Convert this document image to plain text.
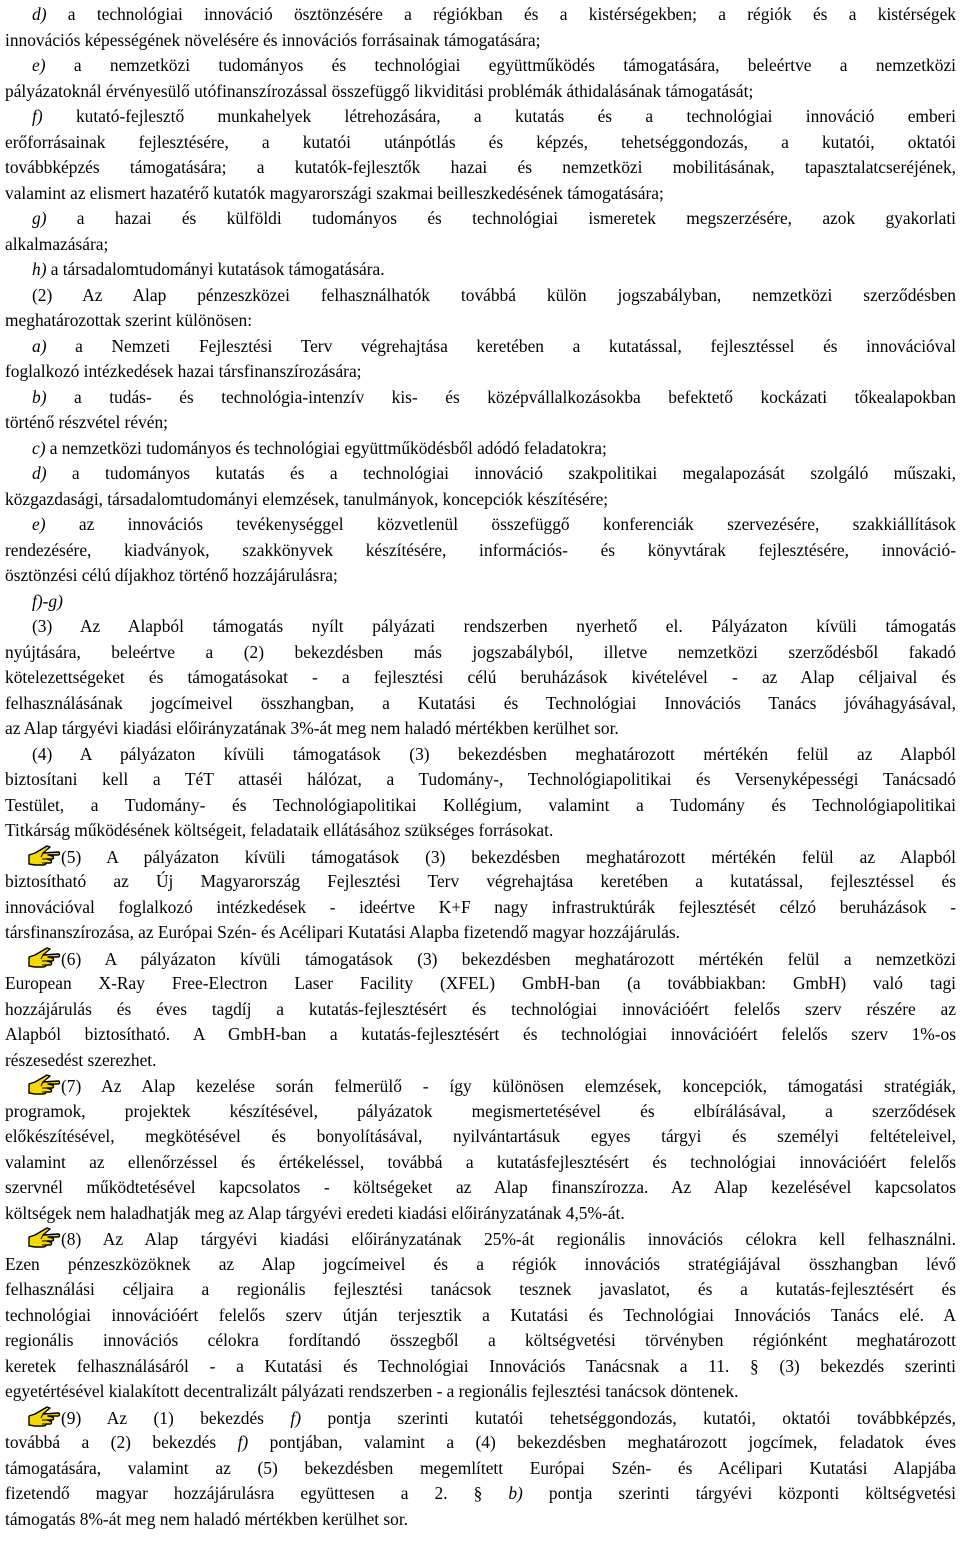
d) a technológiai innováció ösztönzésére a régiókban és a kistérségekben; a régiók és a kistérségek
innovációs képességének növelésére és innovációs forrásainak támogatására;
e) a nemzetközi tudományos és technológiai együttműködés támogatására, beleértve a nemzetközi
pályázatoknál érvényesülő utófinanszírozással összefüggő likviditási problémák áthidalásának támogatását;
f) kutató-fejlesztő munkahelyek létrehozására, a kutatás és a technológiai innováció emberi
erőforrásainak fejlesztésére, a kutatói utánpótlás és képzés, tehetséggondozás, a kutatói, oktatói
továbbképzés támogatására; a kutatók-fejlesztők hazai és nemzetközi mobilitásának, tapasztalatcseréjének,
valamint az elismert hazatérő kutatók magyarországi szakmai beilleszkedésének támogatására;
g) a hazai és külföldi tudományos és technológiai ismeretek megszerzésére, azok gyakorlati
alkalmazására;
h) a társadalomtudományi kutatások támogatására.
(2) Az Alap pénzeszközei felhasználhatók továbbá külön jogszabályban, nemzetközi szerződésben
meghatározottak szerint különösen:
a) a Nemzeti Fejlesztési Terv végrehajtása keretében a kutatással, fejlesztéssel és innovációval
foglalkozó intézkedések hazai társfinanszírozására;
b) a tudás- és technológia-intenzív kis- és középvállalkozásokba befektető kockázati tőkealapokban
történő részvétel révén;
c) a nemzetközi tudományos és technológiai együttműködésből adódó feladatokra;
d) a tudományos kutatás és a technológiai innováció szakpolitikai megalapozását szolgáló műszaki,
közgazdasági, társadalomtudományi elemzések, tanulmányok, koncepciók készítésére;
e) az innovációs tevékenységgel közvetlenül összefüggő konferenciák szervezésére, szakkiállítások
rendezésére, kiadványok, szakkönyvek készítésére, információs- és könyvtárak fejlesztésére, innováció-
ösztönzési célú díjakhoz történő hozzájárulásra;
f)-g)
(3) Az Alapból támogatás nyílt pályázati rendszerben nyerhető el. Pályázaton kívüli támogatás
nyújtására, beleértve a (2) bekezdésben más jogszabályból, illetve nemzetközi szerződésből fakadó
kötelezettségeket és támogatásokat - a fejlesztési célú beruházások kivételével - az Alap céljaival és
felhasználásának jogcímeivel összhangban, a Kutatási és Technológiai Innovációs Tanács jóváhagyásával,
az Alap tárgyévi kiadási előirányzatának 3%-át meg nem haladó mértékben kerülhet sor.
(4) A pályázaton kívüli támogatások (3) bekezdésben meghatározott mértékén felül az Alapból
biztosítani kell a TéT attaséi hálózat, a Tudomány-, Technológiapolitikai és Versenyképességi Tanácsadó
Testület, a Tudomány- és Technológiapolitikai Kollégium, valamint a Tudomány és Technológiapolitikai
Titkárság működésének költségeit, feladataik ellátásához szükséges forrásokat.
(5) A pályázaton kívüli támogatások (3) bekezdésben meghatározott mértékén felül az Alapból
biztosítható az Új Magyarország Fejlesztési Terv végrehajtása keretében a kutatással, fejlesztéssel és
innovációval foglalkozó intézkedések - ideértve K+F nagy infrastruktúrák fejlesztését célzó beruházások -
társfinanszírozása, az Európai Szén- és Acélipari Kutatási Alapba fizetendő magyar hozzájárulás.
(6) A pályázaton kívüli támogatások (3) bekezdésben meghatározott mértékén felül a nemzetközi
European X-Ray Free-Electron Laser Facility (XFEL) GmbH-ban (a továbbiakban: GmbH) való tagi
hozzájárulás és éves tagdíj a kutatás-fejlesztésért és technológiai innovációért felelős szerv részére az
Alapból biztosítható. A GmbH-ban a kutatás-fejlesztésért és technológiai innovációért felelős szerv 1%-os
részesedést szerezhet.
(7) Az Alap kezelése során felmerülő - így különösen elemzések, koncepciók, támogatási stratégiák,
programok, projektek készítésével, pályázatok megismertetésével és elbírálásával, a szerződések
előkészítésével, megkötésével és bonyolításával, nyilvántartásuk egyes tárgyi és személyi feltételeivel,
valamint az ellenőrzéssel és értékeléssel, továbbá a kutatásfejlesztésért és technológiai innovációért felelős
szervnél működtetésével kapcsolatos - költségeket az Alap finanszírozza. Az Alap kezelésével kapcsolatos
költségek nem haladhatják meg az Alap tárgyévi eredeti kiadási előirányzatának 4,5%-át.
(8) Az Alap tárgyévi kiadási előirányzatának 25%-át regionális innovációs célokra kell felhasználni.
Ezen pénzeszközöknek az Alap jogcímeivel és a régiók innovációs stratégiájával összhangban lévő
felhasználási céljaira a regionális fejlesztési tanácsok tesznek javaslatot, és a kutatás-fejlesztésért és
technológiai innovációért felelős szerv útján terjesztik a Kutatási és Technológiai Innovációs Tanács elé. A
regionális innovációs célokra fordítandó összegből a költségvetési törvényben régiónként meghatározott
keretek felhasználásáról - a Kutatási és Technológiai Innovációs Tanácsnak a 11. § (3) bekezdés szerinti
egyetértésével kialakított decentralizált pályázati rendszerben - a regionális fejlesztési tanácsok döntenek.
(9) Az (1) bekezdés f) pontja szerinti kutatói tehetséggondozás, kutatói, oktatói továbbképzés,
továbbá a (2) bekezdés f) pontjában, valamint a (4) bekezdésben meghatározott jogcímek, feladatok éves
támogatására, valamint az (5) bekezdésben megemlített Európai Szén- és Acélipari Kutatási Alapjába
fizetendő magyar hozzájárulásra együttesen a 2. § b) pontja szerinti tárgyévi központi költségvetési
támogatás 8%-át meg nem haladó mértékben kerülhet sor.
